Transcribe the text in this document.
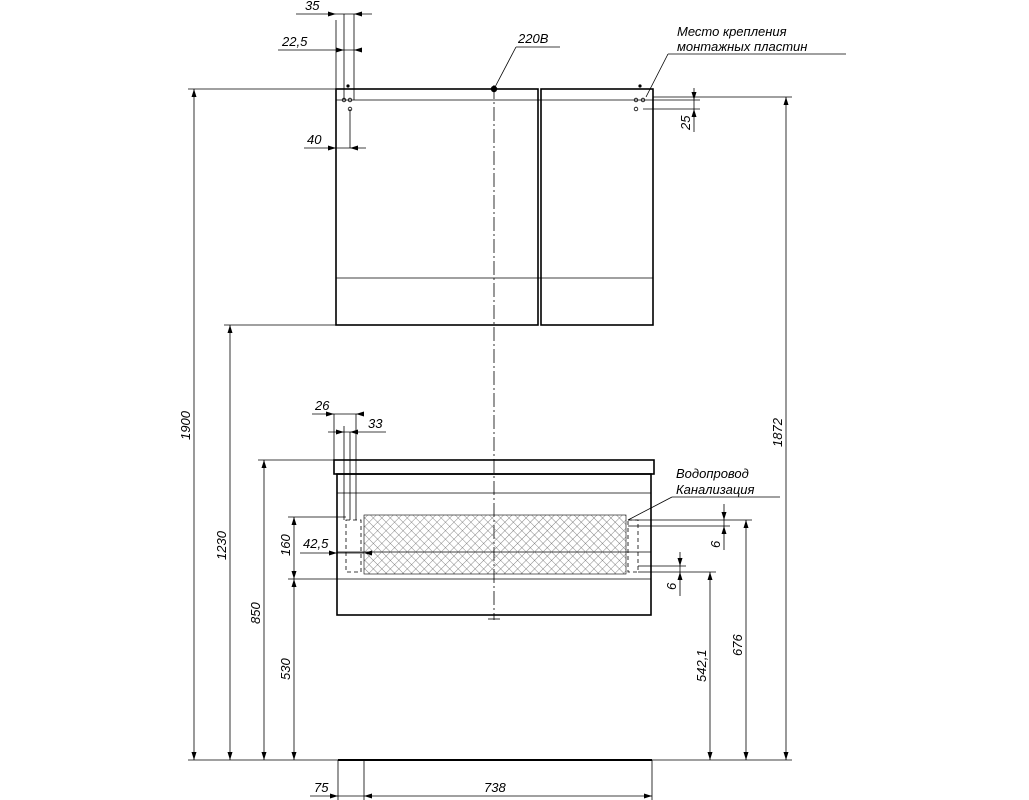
35
22,5
40
25
1900	1872
1230
26
33
160 42,5
850
530
6
6
676
542,1
75	738
220В	Место крепления
монтажных пластин
Водопровод
Канализация
